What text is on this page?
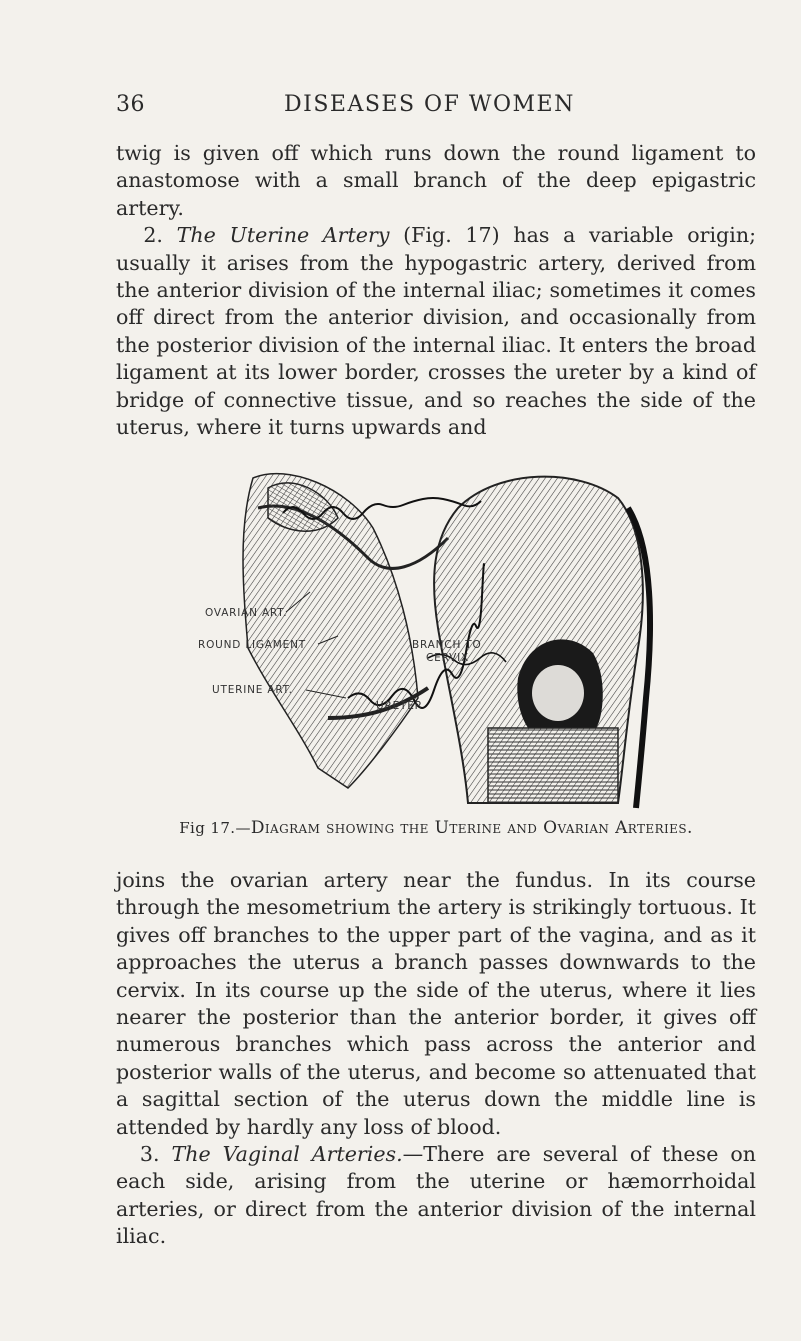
36	DISEASES OF WOMEN

twig is given off which runs down the round ligament to anastomose with a small branch of the deep epigastric artery.
2. The Uterine Artery (Fig. 17) has a variable origin; usually it arises from the hypogastric artery, derived from the anterior division of the internal iliac; sometimes it comes off direct from the anterior division, and occasionally from the posterior division of the internal iliac. It enters the broad ligament at its lower border, crosses the ureter by a kind of bridge of connective tissue, and so reaches the side of the uterus, where it turns upwards and

OVARIAN ART.
ROUND LIGAMENT
UTERINE ART.
BRANCH TO
CERVIX
URETER
Fig 17.—Diagram showing the Uterine and Ovarian Arteries.

joins the ovarian artery near the fundus. In its course through the mesometrium the artery is strikingly tortuous. It gives off branches to the upper part of the vagina, and as it approaches the uterus a branch passes downwards to the cervix. In its course up the side of the uterus, where it lies nearer the posterior than the anterior border, it gives off numerous branches which pass across the anterior and posterior walls of the uterus, and become so attenuated that a sagittal section of the uterus down the middle line is attended by hardly any loss of blood.
3. The Vaginal Arteries.—There are several of these on each side, arising from the uterine or hæmorrhoidal arteries, or direct from the anterior division of the internal iliac.
